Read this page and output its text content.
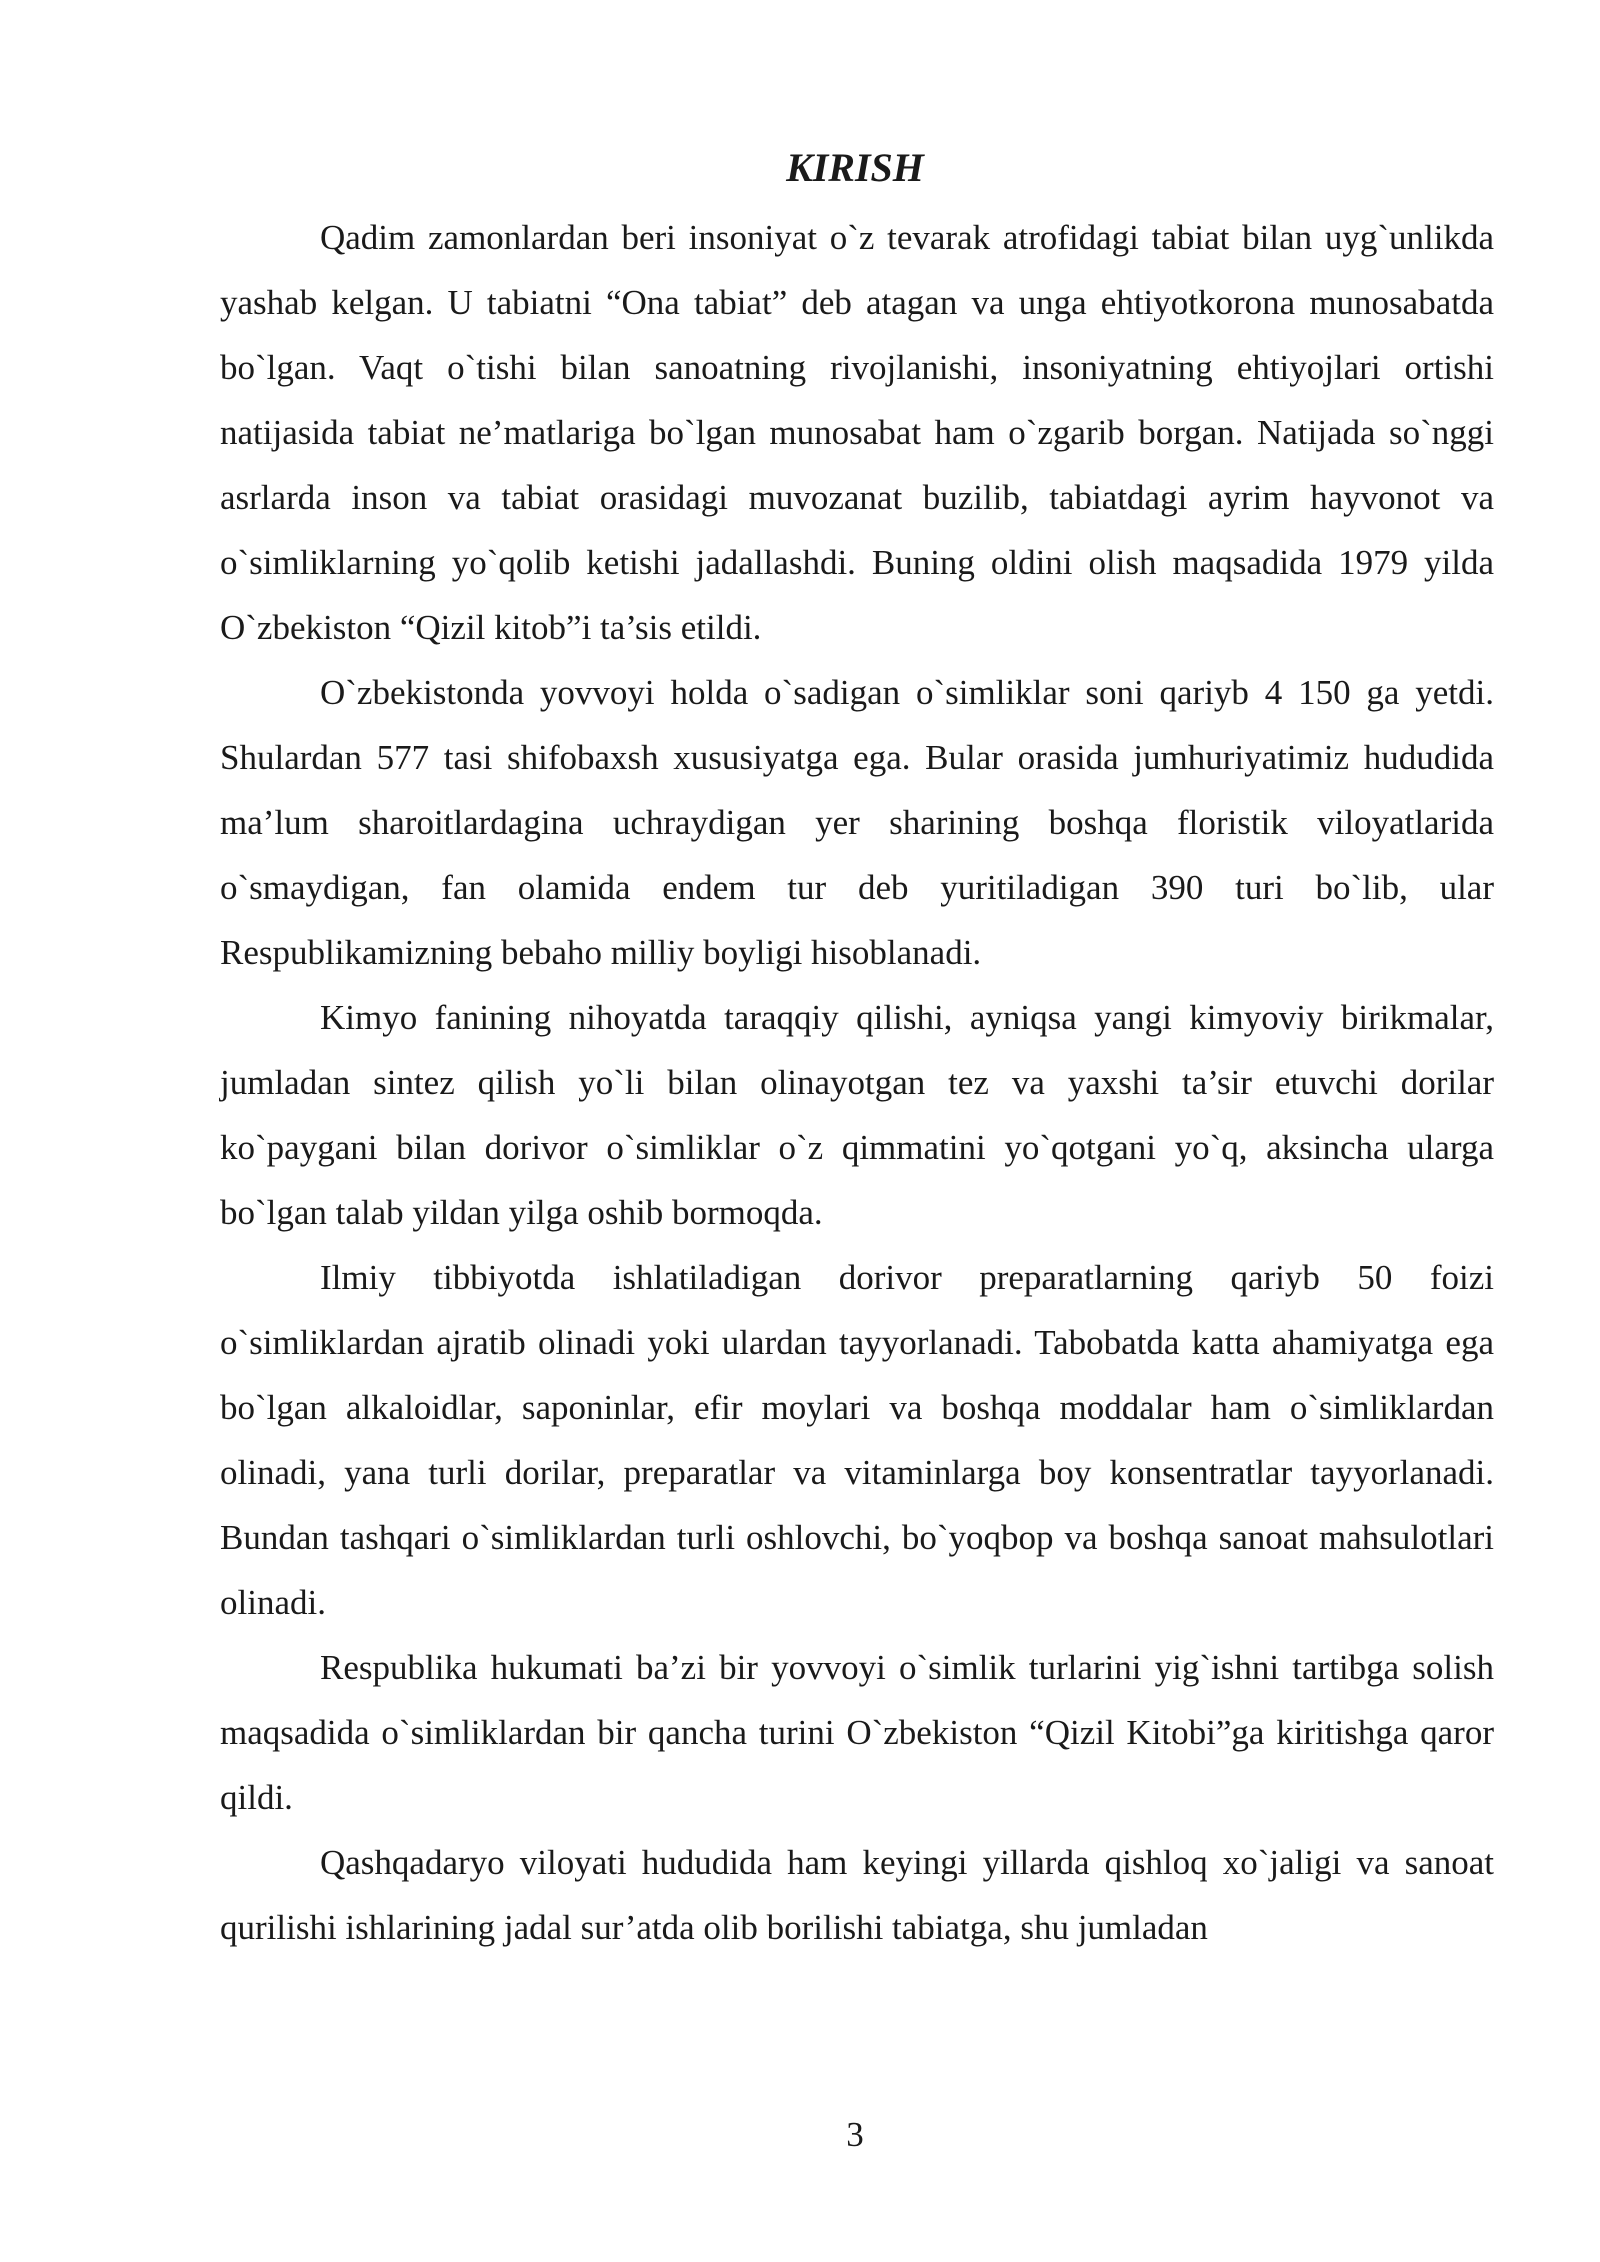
KIRISH

Qadim zamonlardan beri insoniyat o`z tevarak atrofidagi tabiat bilan uyg`unlikda yashab kelgan. U tabiatni “Ona tabiat” deb atagan va unga ehtiyotkorona munosabatda bo`lgan. Vaqt o`tishi bilan sanoatning rivojlanishi, insoniyatning ehtiyojlari ortishi natijasida tabiat ne’matlariga bo`lgan munosabat ham o`zgarib borgan. Natijada so`nggi asrlarda inson va tabiat orasidagi muvozanat buzilib, tabiatdagi ayrim hayvonot va o`simliklarning yo`qolib ketishi jadallashdi. Buning oldini olish maqsadida 1979 yilda O`zbekiston “Qizil kitob”i ta’sis etildi.

O`zbekistonda yovvoyi holda o`sadigan o`simliklar soni qariyb 4 150 ga yetdi. Shulardan 577 tasi shifobaxsh xususiyatga ega. Bular orasida jumhuriyatimiz hududida ma’lum sharoitlardagina uchraydigan yer sharining boshqa floristik viloyatlarida o`smaydigan, fan olamida endem tur deb yuritiladigan 390 turi bo`lib, ular Respublikamizning bebaho milliy boyligi hisoblanadi.

Kimyo fanining nihoyatda taraqqiy qilishi, ayniqsa yangi kimyoviy birikmalar, jumladan sintez qilish yo`li bilan olinayotgan tez va yaxshi ta’sir etuvchi dorilar ko`paygani bilan dorivor o`simliklar o`z qimmatini yo`qotgani yo`q, aksincha ularga bo`lgan talab yildan yilga oshib bormoqda.

Ilmiy tibbiyotda ishlatiladigan dorivor preparatlarning qariyb 50 foizi o`simliklardan ajratib olinadi yoki ulardan tayyorlanadi. Tabobatda katta ahamiyatga ega bo`lgan alkaloidlar, saponinlar, efir moylari va boshqa moddalar ham o`simliklardan olinadi, yana turli dorilar, preparatlar va vitaminlarga boy konsentratlar tayyorlanadi. Bundan tashqari o`simliklardan turli oshlovchi, bo`yoqbop va boshqa sanoat mahsulotlari olinadi.

Respublika hukumati ba’zi bir yovvoyi o`simlik turlarini yig`ishni tartibga solish maqsadida o`simliklardan bir qancha turini O`zbekiston “Qizil Kitobi”ga kiritishga qaror qildi.

Qashqadaryo viloyati hududida ham keyingi yillarda qishloq xo`jaligi va sanoat qurilishi ishlarining jadal sur’atda olib borilishi tabiatga, shu jumladan

3
